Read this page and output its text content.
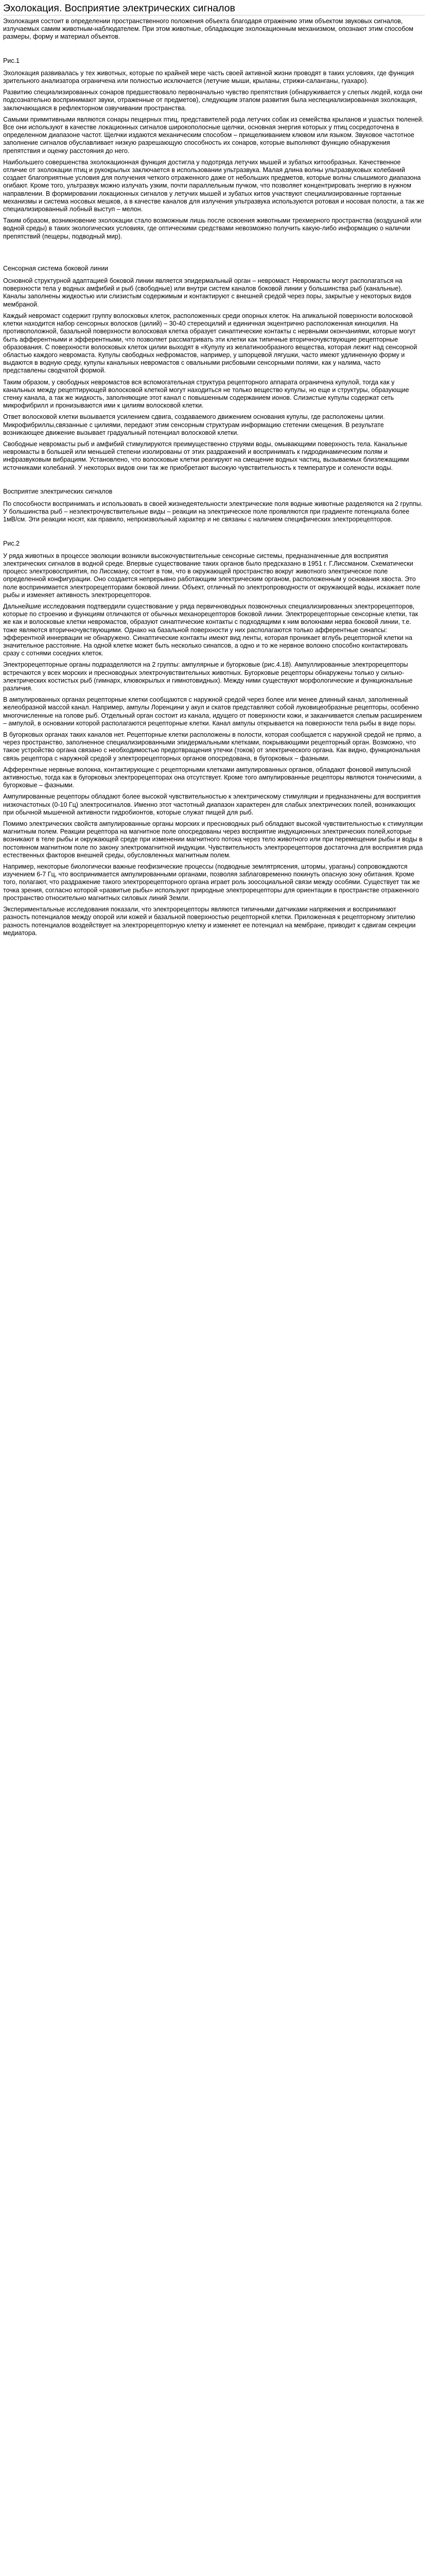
Эхолокация. Восприятие электрических сигналов

Эхолокация состоит в определении пространственного положения объекта благодаря отражению этим объектом звуковых сигналов, излучаемых самим животным-наблюдателем. При этом животные, обладающие эхолокационным механизмом, опознают этим способом размеры, форму и материал объектов.

Рис.1

Эхолокация развивалась у тех животных, которые по крайней мере часть своей активной жизни проводят в таких условиях, где функция зрительного анализатора ограничена или полностью исключается (летучие мыши, крыланы, стрижи-саланганы, гуахаро).

Развитию специализированных сонаров предшествовало первоначально чувство препятствия (обнаруживается у слепых людей, когда они подсознательно воспринимают звуки, отраженные от предметов), следующим этапом развития была неспециализированная эхолокация, заключающаяся в рефлекторном озвучивании пространства.

Самыми примитивными являются сонары пещерных птиц, представителей рода летучих собак из семейства крыланов и ушастых тюленей. Все они используют в качестве локационных сигналов широкополосные щелчки, основная энергия которых у птиц сосредоточена в определенном диапазоне частот. Щелчки издаются механическим способом – прищелкиванием клювом или языком. Звуковое частотное заполнение сигналов обуславливает низкую разрешающую способность их сонаров, которые выполняют функцию обнаружения препятствия и оценку расстояния до него.

Наибольшего совершенства эхолокационная функция достигла у подотряда летучих мышей и зубатых китообразных. Качественное отличие от эхолокации птиц и рукокрылых заключается в использовании ультразвука. Малая длина волны ультразвуковых колебаний создает благоприятные условия для получения четкого отраженного даже от небольших предметов, которые волны слышимого диапазона огибают. Кроме того, ультразвук можно излучать узким, почти параллельным пучком, что позволяет концентрировать энергию в нужном направлении. В формировании локационных сигналов у летучих мышей и зубатых китов участвуют специализированные гортанные механизмы и система носовых мешков, а в качестве каналов для излучения ультразвука используются ротовая и носовая полости, а так же специализированный лобный выступ – мелон.

Таким образом, возникновение эхолокации стало возможным лишь после освоения животными трехмерного пространства (воздушной или водной среды) в таких экологических условиях, где оптическими средствами невозможно получить какую-либо информацию о наличии препятствий (пещеры, подводный мир).

Сенсорная система боковой линии

Основной структурной адаптацией боковой линии является эпидермальный орган – невромаст. Невромасты могут располагаться на поверхности тела у водных амфибий и рыб (свободные) или внутри систем каналов боковой линии у большинства рыб (канальные). Каналы заполнены жидкостью или слизистым содержимым и контактируют с внешней средой через поры, закрытые у некоторых видов мембраной.

Каждый невромаст содержит группу волосковых клеток, расположенных среди опорных клеток. На апикальной поверхности волосковой клетки находится набор сенсорных волосков (цилий) – 30-40 стереоцилий и единичная экцентрично расположенная киноцилия. На противоположной, базальной поверхности волосковая клетка образует синаптические контакты с нервными окончаниями, которые могут быть афферентными и эфферентными, что позволяет рассматривать эти клетки как типичные вторичночувствующие рецепторные образования. С поверхности волосковых клеток цилии выходят в «Купулу из желатинообразного вещества, которая лежит над сенсорной областью каждого невромаста. Купулы свободных нефромастов, например, у шпорцевой лягушки, часто имеют удлиненную форму и выдаются в водную среду, купулы канальных невромастов с овальными рисбовыми сенсорными полями, как у налима, часто представлены сводчатой формой.

Таким образом, у свободных невромастов вся вспомогательная структура рецепторного аппарата ограничена купулой, тогда как у канальных между рецептирующей волосковой клеткой могут находиться не только вещество купулы, но еще и структуры, образующие стенку канала, а так же жидкость, заполняющие этот канал с повышенным содержанием ионов. Слизистые купулы содержат сеть микрофибрилл и пронизываются ими к цилиям волосковой клетки.

Ответ волосковой клетки вызывается усилением сдвига, создаваемого движением основания купулы, где расположены цилии. Микрофибриллы,связанные с цилиями, передают этим сенсорным структурам информацию стетении смещения. В результате возникающее движение вызывает градуальный потенциал волосковой клетки.

Свободные невромасты рыб и амфибий стимулируются преимущественно струями воды, омывающими поверхность тела. Канальные невромасты в большей или меньшей степени изолированы от этих раздражений и воспринимать к гидродинамическим полям и инфразвуковым вибрациям. Установлено, что волосковые клетки реагируют на смещение водных частиц, вызываемых близлежащими источниками колебаний. У некоторых видов они так же приобретают высокую чувствительность к температуре и солености воды.

Восприятие электрических сигналов

По способности воспринимать и использовать в своей жизнедеятельности электрические поля водные животные разделяются на 2 группы. У большинства рыб – неэлектрочувствительные виды – реакции на электрическое поле проявляются при градиенте потенциала более 1мВ/см. Эти реакции носят, как правило, непроизвольный характер и не связаны с наличием специфических электрорецепторов.

Рис.2

У ряда животных в процессе эволюции возникли высокочувствительные сенсорные системы, предназначенные для восприятия электрических сигналов в водной среде. Впервые существование таких органов было предсказано в 1951 г. Г.Лиссманом. Схематически процесс электровосприятия, по Лиссману, состоит в том, что в окружающей пространство вокруг животного электрическое поле определенной конфигурации. Оно создается непрерывно работающим электрическим органом, расположенным у основания хвоста. Это поле воспринимается электрорецепторами боковой линии. Объект, отличный по электропроводности от окружающей воды, искажает поле рыбы и изменяет активность электрорецепторов.

Дальнейшие исследования подтвердили существование у рядa первичноводных позвоночных специализированных электрорецепторов, которые по строению и функциям отличаются от обычных механорецепторов боковой линии. Электрорецепторные сенсорные клетки, так же как и волосковые клетки невромастов, образуют синаптические контакты с подходящими к ним волокнами нерва боковой линии, т.е. тоже являются вторичночувствующими. Однако на базальной поверхности у них располагаются только афферентные синапсы: эфферентной иннервации не обнаружено. Синаптические контакты имеют вид ленты, которая проникает вглубь рецепторной клетки на значительное расстояние. На одной клетке может быть несколько синапсов, а одно и то же нервное волокно способно контактировать сразу с сотнями соседних клеток.

Электрорецепторные органы подразделяются на 2 группы: ампулярные и бугорковые (рис.4.18). Ампуллированные электрорецепторы встречаются у всех морских и пресноводных электрочувствительных животных. Бугорковые рецепторы обнаружены только у сильно-электрических костистых рыб (гимнарх, клювокрылых и гимнотовидных). Между ними существуют морфологические и функциональные различия.

В ампулированных органах рецепторные клетки сообщаются с наружной средой через более или менее длинный канал, заполненный желеобразной массой канал. Например, ампулы Лоренцини у акул и скатов представляют собой луковицеобразные рецепторы, особенно многочисленные на голове рыб. Отдельный орган состоит из канала, идущего от поверхности кожи, и заканчивается слепым расширением – ампулой, в основании которой располагаются рецепторные клетки. Канал ампулы открывается на поверхности тела рыбы в виде поры.

В бугорковых органах таких каналов нет. Рецепторные клетки расположены в полости, которая сообщается с наружной средой не прямо, а через пространство, заполненное специализированными эпидермальными клетками, покрывающими рецепторный орган. Возможно, что такое устройство органа связано с необходимостью предотвращения утечки (токов) от электрического органа. Как видно, функциональная связь рецептора с наружной средой у электрорецепторных органов опосредована, в бугорковых – фазными.

Афферентные нервные волокна, контактирующие с рецепторными клетками ампулированных органов, обладают фоновой импульсной активностью, тогда как в бугорковых электрорецепторах она отсутствует. Кроме того ампулированные рецепторы являются тоническими, а бугорковые – фазными.

Ампулированные рецепторы обладают более высокой чувствительностью к электрическому стимуляции и предназначены для восприятия низкочастотных (0-10 Гц) электросигналов. Именно этот частотный диапазон характерен для слабых электрических полей, возникающих при обычной мышечной активности гидробионтов, которые служат пищей для рыб.

Помимо электрических свойств ампулированные органы морских и пресноводных рыб обладают высокой чувствительностью к стимуляции магнитным полем. Реакции рецептора на магнитное поле опосредованы через восприятие индукционных электрических полей,которые возникают в теле рыбы и окружающей среде при изменении магнитного потока через тело животного или при перемещении рыбы и воды в постоянном магнитном поле по закону электромагнитной индукции. Чувствительность электрорецепторов достаточна для восприятия ряда естественных факторов внешней среды, обусловленных магнитным полем.

Например, некоторые биологически важные геофизические процессы (подводные землятрясения, штормы, ураганы) сопровождаются изучением 6-7 Гц, что воспринимается ампулированными органами, позволяя заблаговременно покинуть опасную зону обитания. Кроме того, полагают, что раздражение такого электрорецепторного органа играет роль зоосоциальной связи между особями. Существует так же точка зрения, согласно которой «развитые рыбы» используют природные электрорецепторы для ориентации в пространстве отраженного пространство относительно магнитных силовых линий Земли.

Экспериментальные исследования показали, что электрорецепторы являются типичными датчиками напряжения и воспринимают разность потенциалов между опорой или кожей и базальной поверхностью рецепторной клетки. Приложенная к рецепторному эпителию разность потенциалов воздействует на электрорецепторную клетку и изменяет ее потенциал на мембране, приводит к сдвигам секреции медиатора.
